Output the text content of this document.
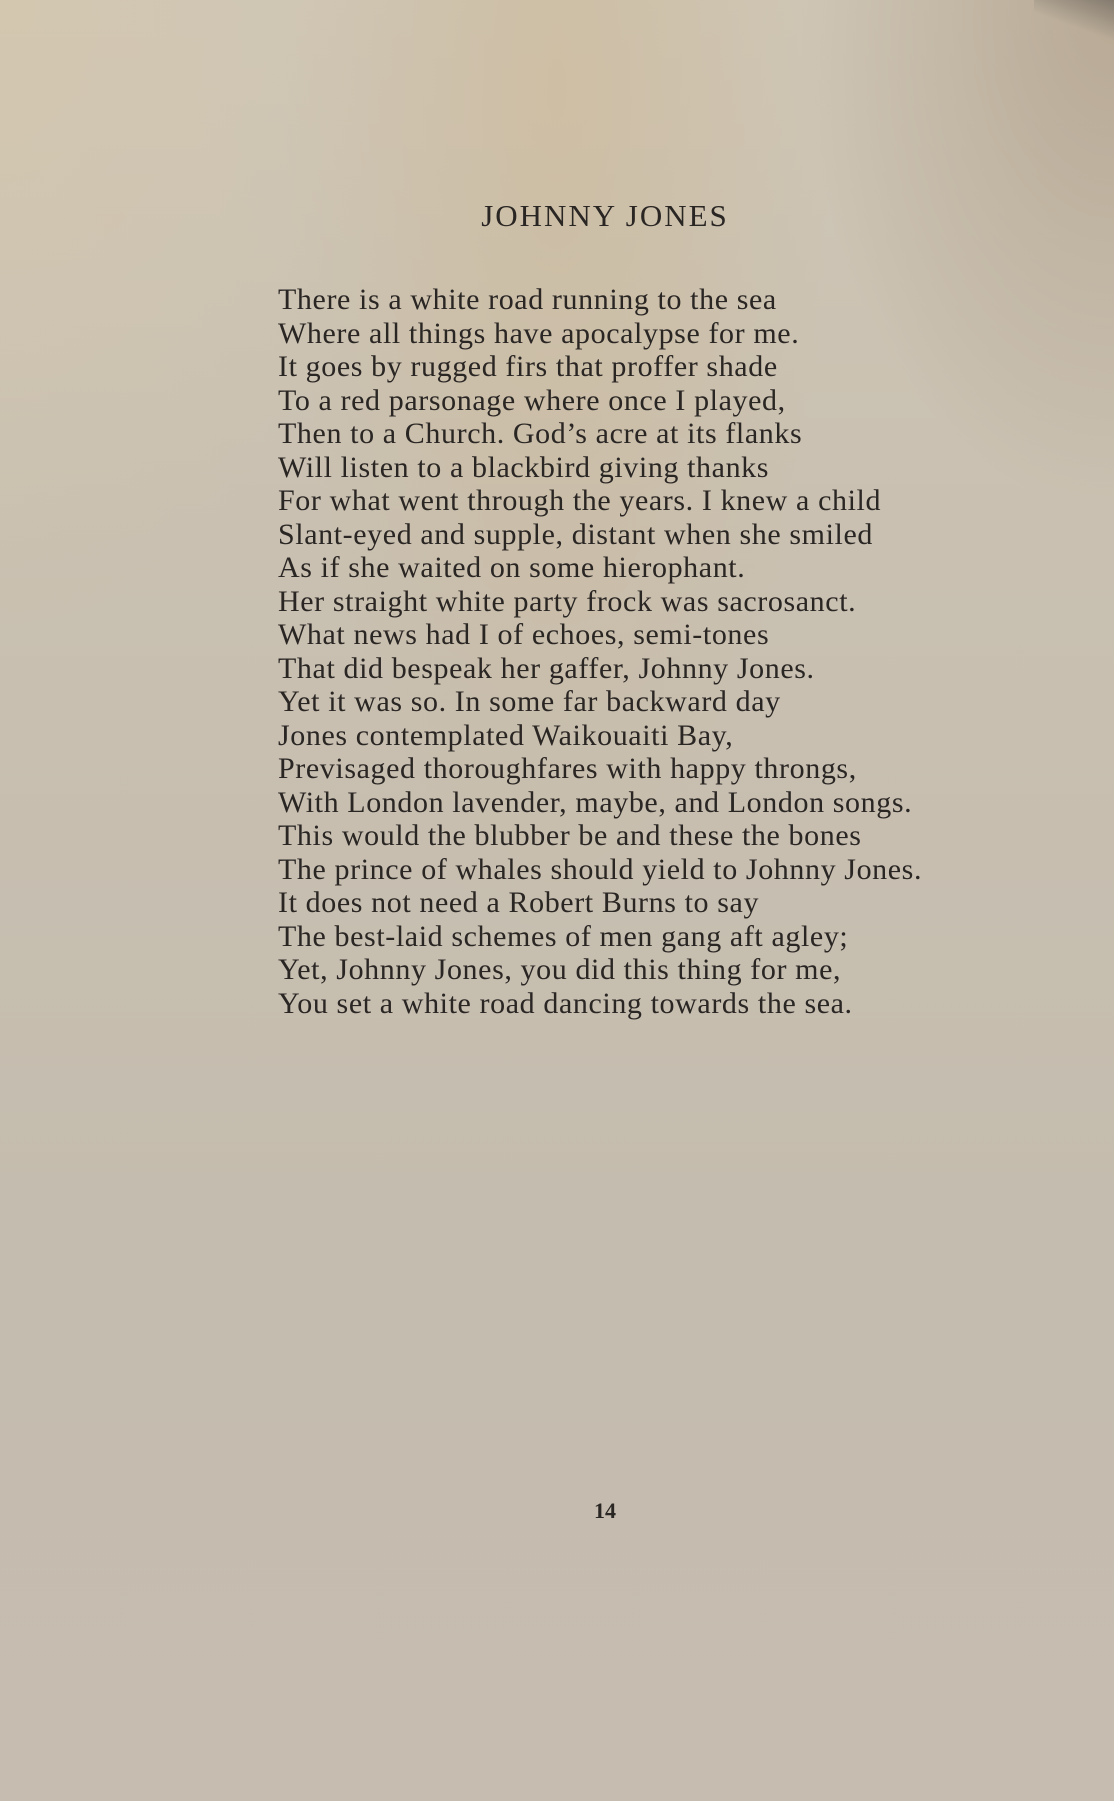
JOHNNY JONES
There is a white road running to the sea
Where all things have apocalypse for me.
It goes by rugged firs that proffer shade
To a red parsonage where once I played,
Then to a Church. God’s acre at its flanks
Will listen to a blackbird giving thanks
For what went through the years. I knew a child
Slant-eyed and supple, distant when she smiled
As if she waited on some hierophant.
Her straight white party frock was sacrosanct.
What news had I of echoes, semi-tones
That did bespeak her gaffer, Johnny Jones.
Yet it was so. In some far backward day
Jones contemplated Waikouaiti Bay,
Previsaged thoroughfares with happy throngs,
With London lavender, maybe, and London songs.
This would the blubber be and these the bones
The prince of whales should yield to Johnny Jones.
It does not need a Robert Burns to say
The best-laid schemes of men gang aft agley;
Yet, Johnny Jones, you did this thing for me,
You set a white road dancing towards the sea.

14
